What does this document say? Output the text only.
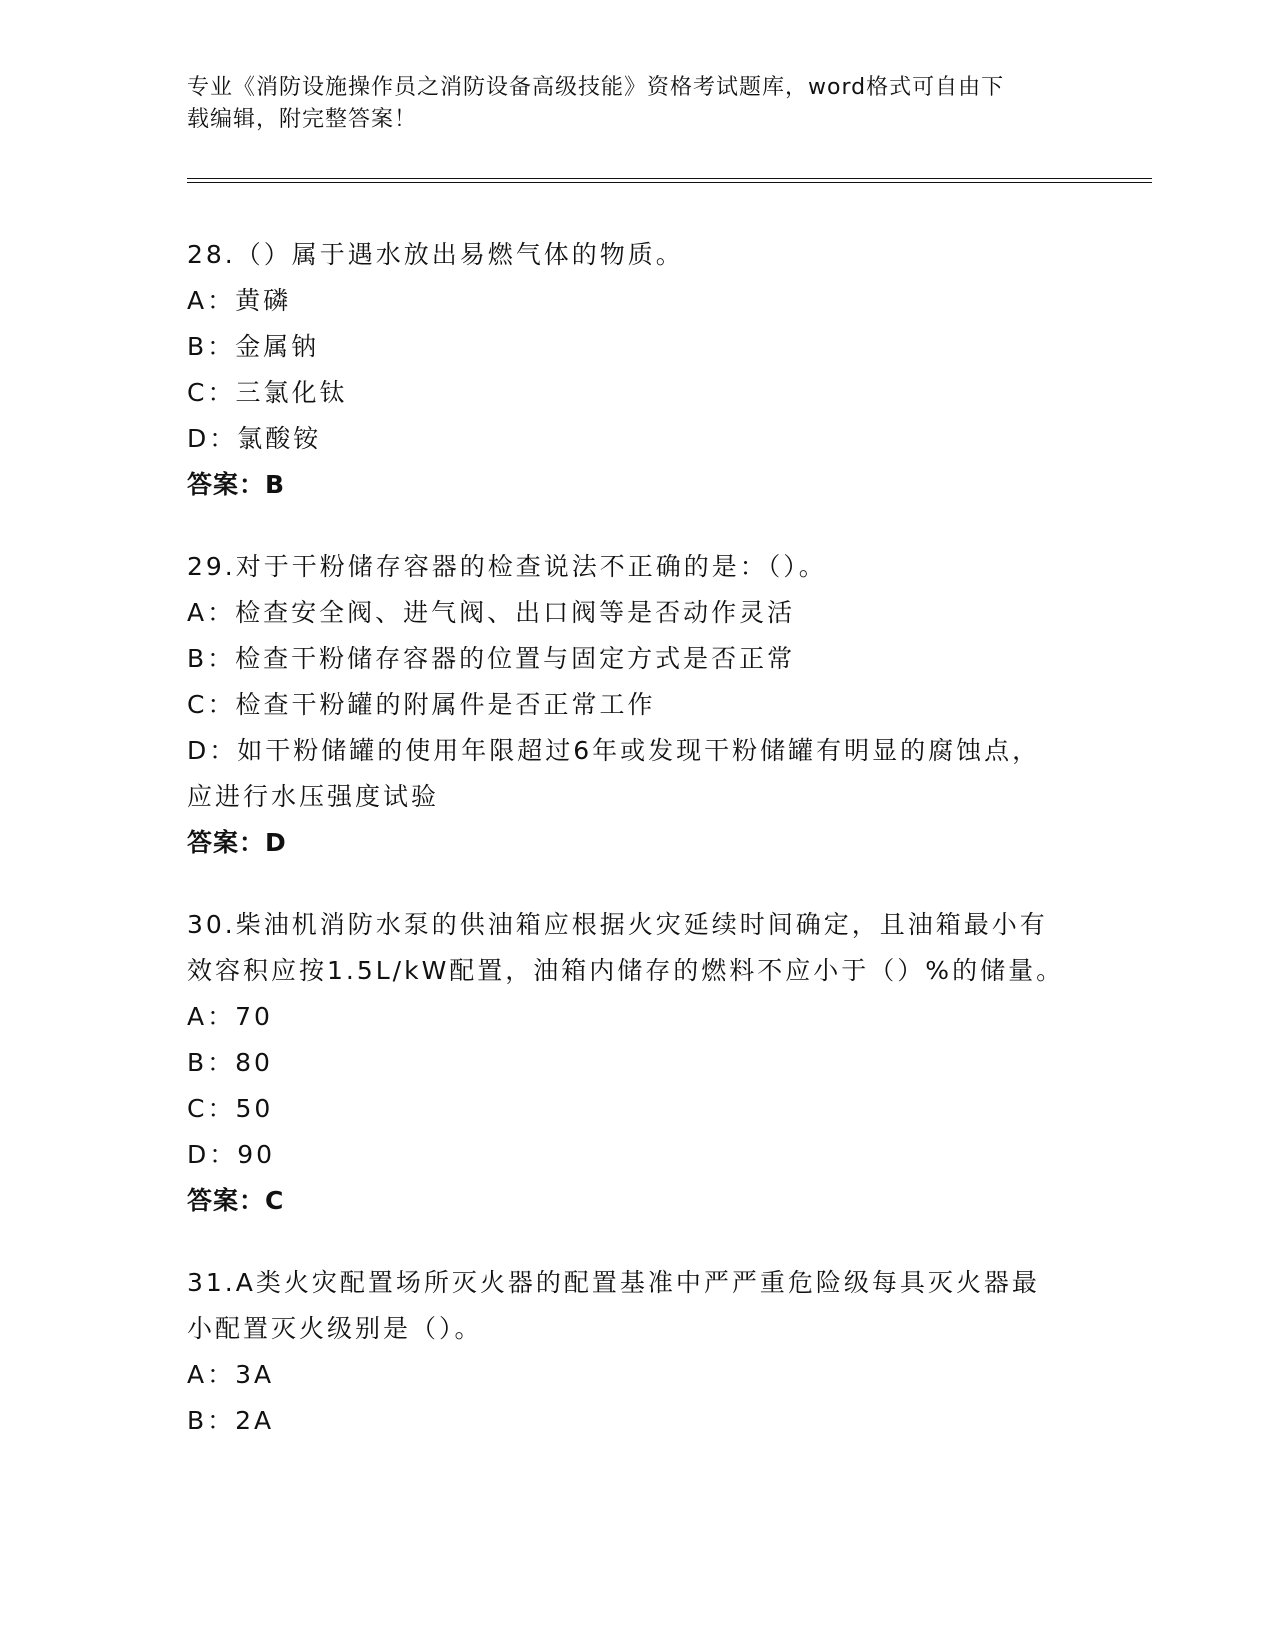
专业《消防设施操作员之消防设备高级技能》资格考试题库，word格式可自由下
载编辑，附完整答案！
28.（）属于遇水放出易燃气体的物质。
A：黄磷
B：金属钠
C：三氯化钛
D：氯酸铵
答案：B
29.对于干粉储存容器的检查说法不正确的是：（）。
A：检查安全阀、进气阀、出口阀等是否动作灵活
B：检查干粉储存容器的位置与固定方式是否正常
C：检查干粉罐的附属件是否正常工作
D：如干粉储罐的使用年限超过6年或发现干粉储罐有明显的腐蚀点，
应进行水压强度试验
答案：D
30.柴油机消防水泵的供油箱应根据火灾延续时间确定，且油箱最小有
效容积应按1.5L/kW配置，油箱内储存的燃料不应小于（）%的储量。
A：70
B：80
C：50
D：90
答案：C
31.A类火灾配置场所灭火器的配置基准中严严重危险级每具灭火器最
小配置灭火级别是（）。
A：3A
B：2A
